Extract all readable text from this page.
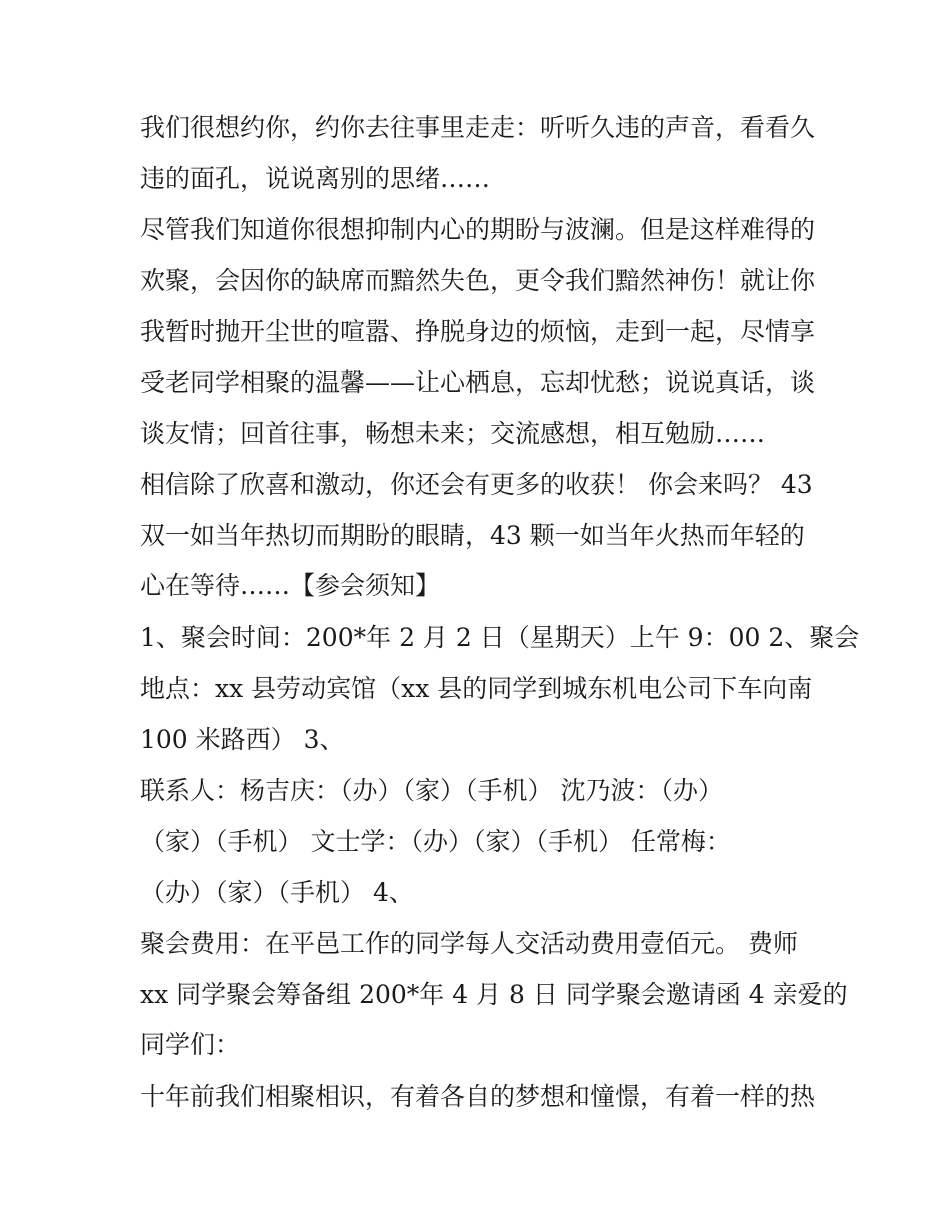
我们很想约你，约你去往事里走走：听听久违的声音，看看久
违的面孔，说说离别的思绪……
尽管我们知道你很想抑制内心的期盼与波澜。但是这样难得的
欢聚，会因你的缺席而黯然失色，更令我们黯然神伤！就让你
我暂时抛开尘世的喧嚣、挣脱身边的烦恼，走到一起，尽情享
受老同学相聚的温馨——让心栖息，忘却忧愁；说说真话，谈
谈友情；回首往事，畅想未来；交流感想，相互勉励……
相信除了欣喜和激动，你还会有更多的收获！ 你会来吗？ 43
双一如当年热切而期盼的眼睛，43 颗一如当年火热而年轻的
心在等待……【参会须知】
1、聚会时间：200*年 2 月 2 日（星期天）上午 9：00 2、聚会
地点：xx 县劳动宾馆（xx 县的同学到城东机电公司下车向南
100 米路西） 3、
联系人：杨吉庆：（办）（家）（手机） 沈乃波：（办）
（家）（手机） 文士学：（办）（家）（手机） 任常梅：
（办）（家）（手机） 4、
聚会费用：在平邑工作的同学每人交活动费用壹佰元。 费师
xx 同学聚会筹备组 200*年 4 月 8 日 同学聚会邀请函 4 亲爱的
同学们：
十年前我们相聚相识，有着各自的梦想和憧憬，有着一样的热
